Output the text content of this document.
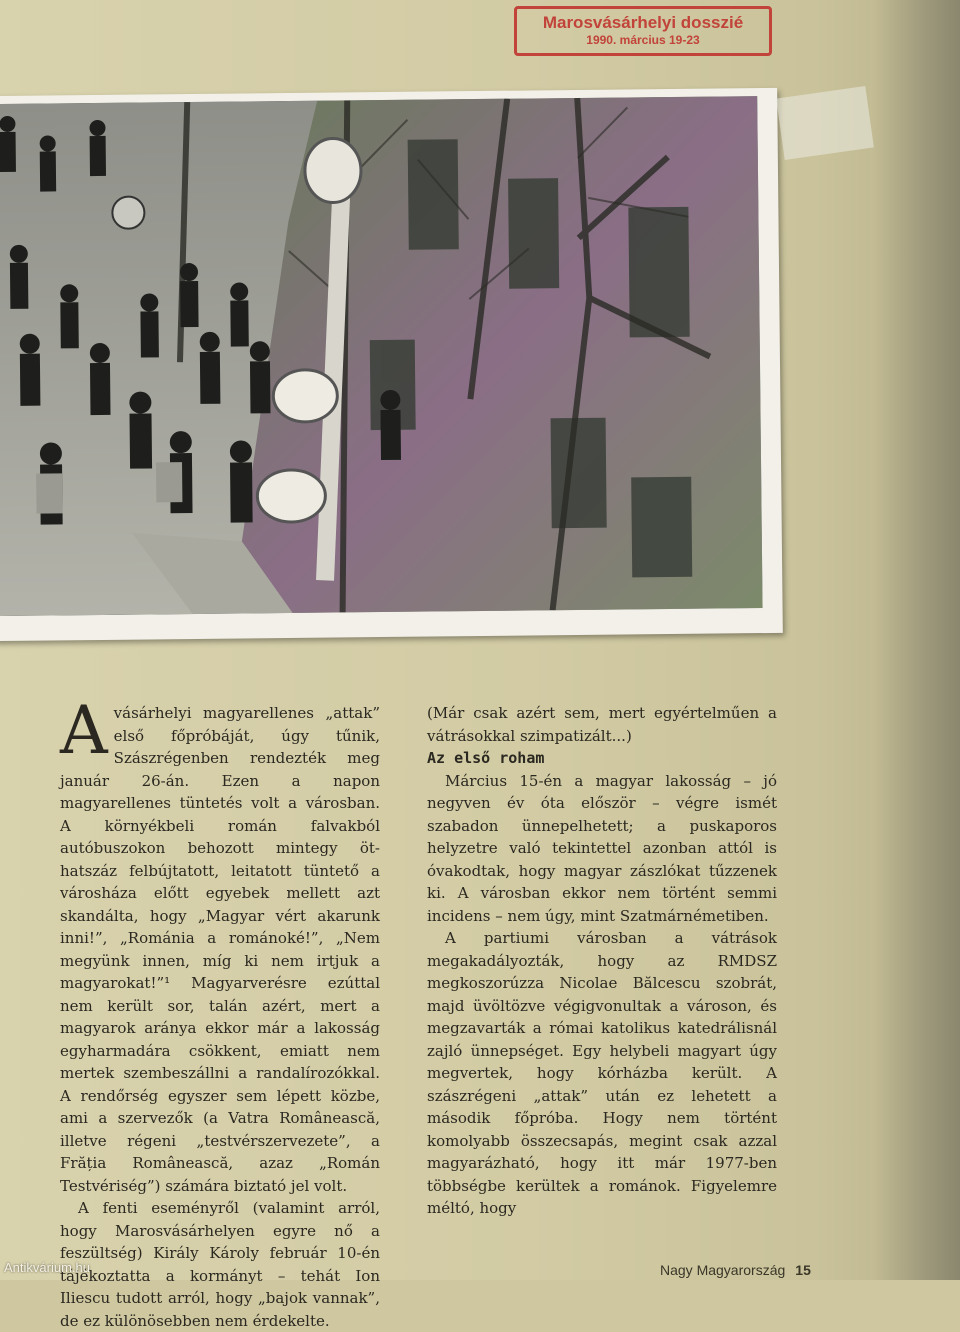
Marosvásárhelyi dosszié
1990. március 19-23

A vásárhelyi magyarellenes „attak” első főpróbáját, úgy tűnik, Szászrégenben rendezték meg január 26-án. Ezen a napon magyarellenes tüntetés volt a városban. A környékbeli román falvakból autóbuszokon behozott mintegy öt-hatszáz felbújtatott, leitatott tüntető a városháza előtt egyebek mellett azt skandálta, hogy „Magyar vért akarunk inni!”, „Románia a románoké!”, „Nem megyünk innen, míg ki nem irtjuk a magyarokat!”¹ Magyarverésre ezúttal nem került sor, talán azért, mert a magyarok aránya ekkor már a lakosság egyharmadára csökkent, emiatt nem mertek szembeszállni a randalírozókkal. A rendőrség egyszer sem lépett közbe, ami a szervezők (a Vatra Românească, illetve régeni „testvérszervezete”, a Frăția Românească, azaz „Román Testvériség”) számára biztató jel volt.

A fenti eseményről (valamint arról, hogy Marosvásárhelyen egyre nő a feszültség) Király Károly február 10-én tájékoztatta a kormányt – tehát Ion Iliescu tudott arról, hogy „bajok vannak”, de ez különösebben nem érdekelte.

(Már csak azért sem, mert egyértelműen a vátrásokkal szimpatizált...)

Az első roham

Március 15-én a magyar lakosság – jó negyven év óta először – végre ismét szabadon ünnepelhetett; a puskaporos helyzetre való tekintettel azonban attól is óvakodtak, hogy magyar zászlókat tűzzenek ki. A városban ekkor nem történt semmi incidens – nem úgy, mint Szatmárnémetiben.

A partiumi városban a vátrások megakadályozták, hogy az RMDSZ megkoszorúzza Nicolae Bălcescu szobrát, majd üvöltözve végigvonultak a városon, és megzavarták a római katolikus katedrálisnál zajló ünnepséget. Egy helybeli magyart úgy megvertek, hogy kórházba került. A szászrégeni „attak” után ez lehetett a második főpróba. Hogy nem történt komolyabb összecsapás, megint csak azzal magyarázható, hogy itt már 1977-ben többségbe kerültek a románok. Figyelemre méltó, hogy

Nagy Magyarország 15
Antikvárium.hu
